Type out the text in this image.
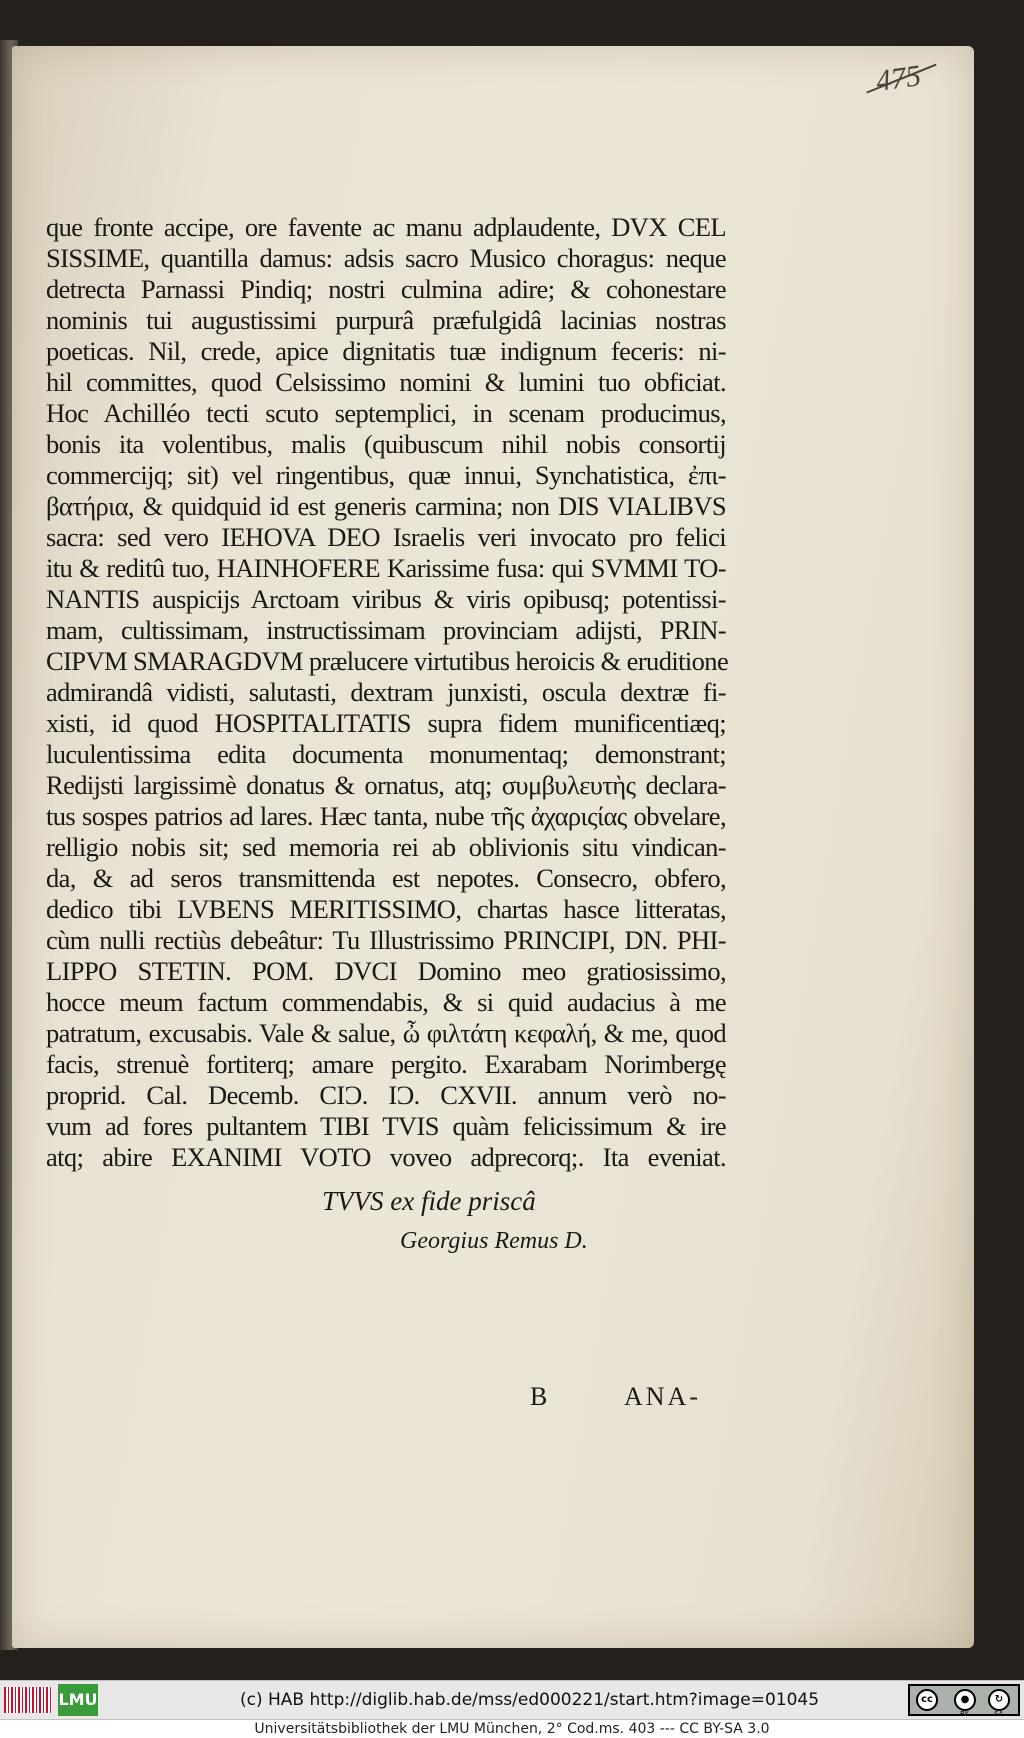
475
que fronte accipe, ore favente ac manu adplaudente, DVX CEL
SISSIME, quantilla damus: adsis sacro Musico choragus: neque
detrecta Parnassi Pindiq; nostri culmina adire; & cohonestare
nominis tui augustissimi purpurâ præfulgidâ lacinias nostras
poeticas. Nil, crede, apice dignitatis tuæ indignum feceris: ni-
hil committes, quod Celsissimo nomini & lumini tuo obficiat.
Hoc Achilléo tecti scuto septemplici, in scenam producimus,
bonis ita volentibus, malis (quibuscum nihil nobis consortij
commercijq; sit) vel ringentibus, quæ innui, Synchatistica, ἐπι-
βατήρια, & quidquid id est generis carmina; non DIS VIALIBVS
sacra: sed vero IEHOVA DEO Israelis veri invocato pro felici
itu & reditû tuo, HAINHOFERE Karissime fusa: qui SVMMI TO-
NANTIS auspicijs Arctoam viribus & viris opibusq; potentissi-
mam, cultissimam, instructissimam provinciam adijsti, PRIN-
CIPVM SMARAGDVM prælucere virtutibus heroicis & eruditione
admirandâ vidisti, salutasti, dextram junxisti, oscula dextræ fi-
xisti, id quod HOSPITALITATIS supra fidem munificentiæq;
luculentissima edita documenta monumentaq; demonstrant;
Redijsti largissimè donatus & ornatus, atq; συμβυλευτὴς declara-
tus sospes patrios ad lares. Hæc tanta, nube τῆς ἀχαριςίας obvelare,
relligio nobis sit; sed memoria rei ab oblivionis situ vindican-
da, & ad seros transmittenda est nepotes. Consecro, obfero,
dedico tibi LVBENS MERITISSIMO, chartas hasce litteratas,
cùm nulli rectiùs debeâtur: Tu Illustrissimo PRINCIPI, DN. PHI-
LIPPO STETIN. POM. DVCI Domino meo gratiosissimo,
hocce meum factum commendabis, & si quid audacius à me
patratum, excusabis. Vale & salue, ὦ φιλτάτη κεφαλή, & me, quod
facis, strenuè fortiterq; amare pergito. Exarabam Norimbergę
proprid. Cal. Decemb. CIƆ. IƆ. CXVII. annum verò no-
vum ad fores pultantem TIBI TVIS quàm felicissimum & ire
atq; abire EXANIMI VOTO voveo adprecorq;. Ita eveniat.
TVVS ex fide priscâ
Georgius Remus D.
B	ANA-
LMU	(c) HAB http://diglib.hab.de/mss/ed000221/start.htm?image=01045	cc	●	↻
BY	SA
Universitätsbibliothek der LMU München, 2° Cod.ms. 403 --- CC BY-SA 3.0
